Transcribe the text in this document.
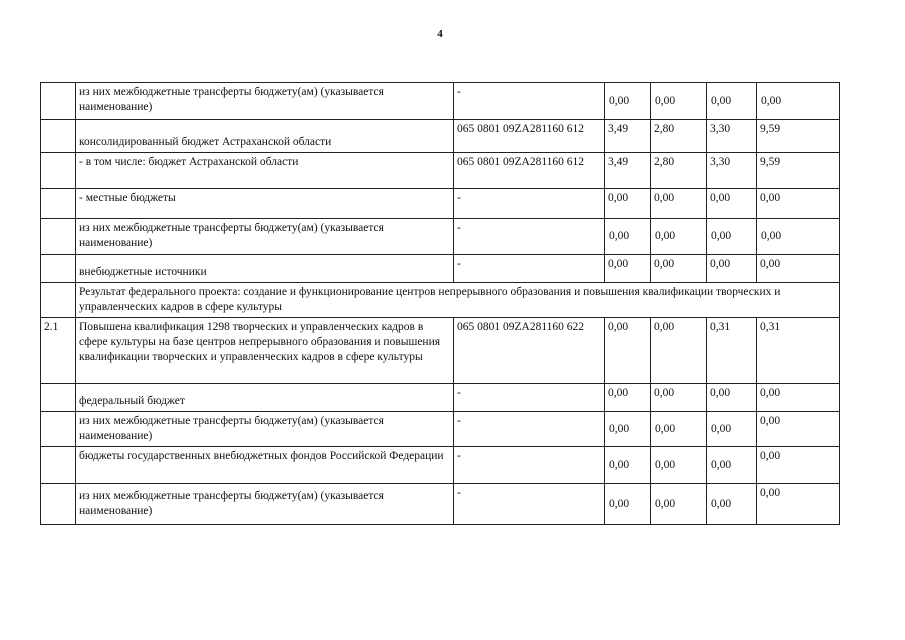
4
	из них межбюджетные трансферты бюджету(ам) (указывается наименование)	-	0,00	0,00	0,00	0,00
	консолидированный бюджет Астраханской области	065 0801 09ZA281160 612	3,49	2,80	3,30	9,59
	- в том числе: бюджет Астраханской области	065 0801 09ZA281160 612	3,49	2,80	3,30	9,59
	- местные бюджеты	-	0,00	0,00	0,00	0,00
	из них межбюджетные трансферты бюджету(ам) (указывается наименование)	-	0,00	0,00	0,00	0,00
	внебюджетные источники	-	0,00	0,00	0,00	0,00
	Результат федерального проекта: создание и функционирование центров непрерывного образования и повышения квалификации творческих и управленческих кадров в сфере культуры					
2.1	Повышена квалификация 1298 творческих и управленческих кадров в сфере культуры на базе центров непрерывного образования и повышения квалификации творческих и управленческих кадров в сфере культуры	065 0801 09ZA281160 622	0,00	0,00	0,31	0,31
	федеральный бюджет	-	0,00	0,00	0,00	0,00
	из них межбюджетные трансферты бюджету(ам) (указывается наименование)	-	0,00	0,00	0,00	0,00
	бюджеты государственных внебюджетных фондов Российской Федерации	-	0,00	0,00	0,00	0,00
	из них межбюджетные трансферты бюджету(ам) (указывается наименование)	-	0,00	0,00	0,00	0,00
